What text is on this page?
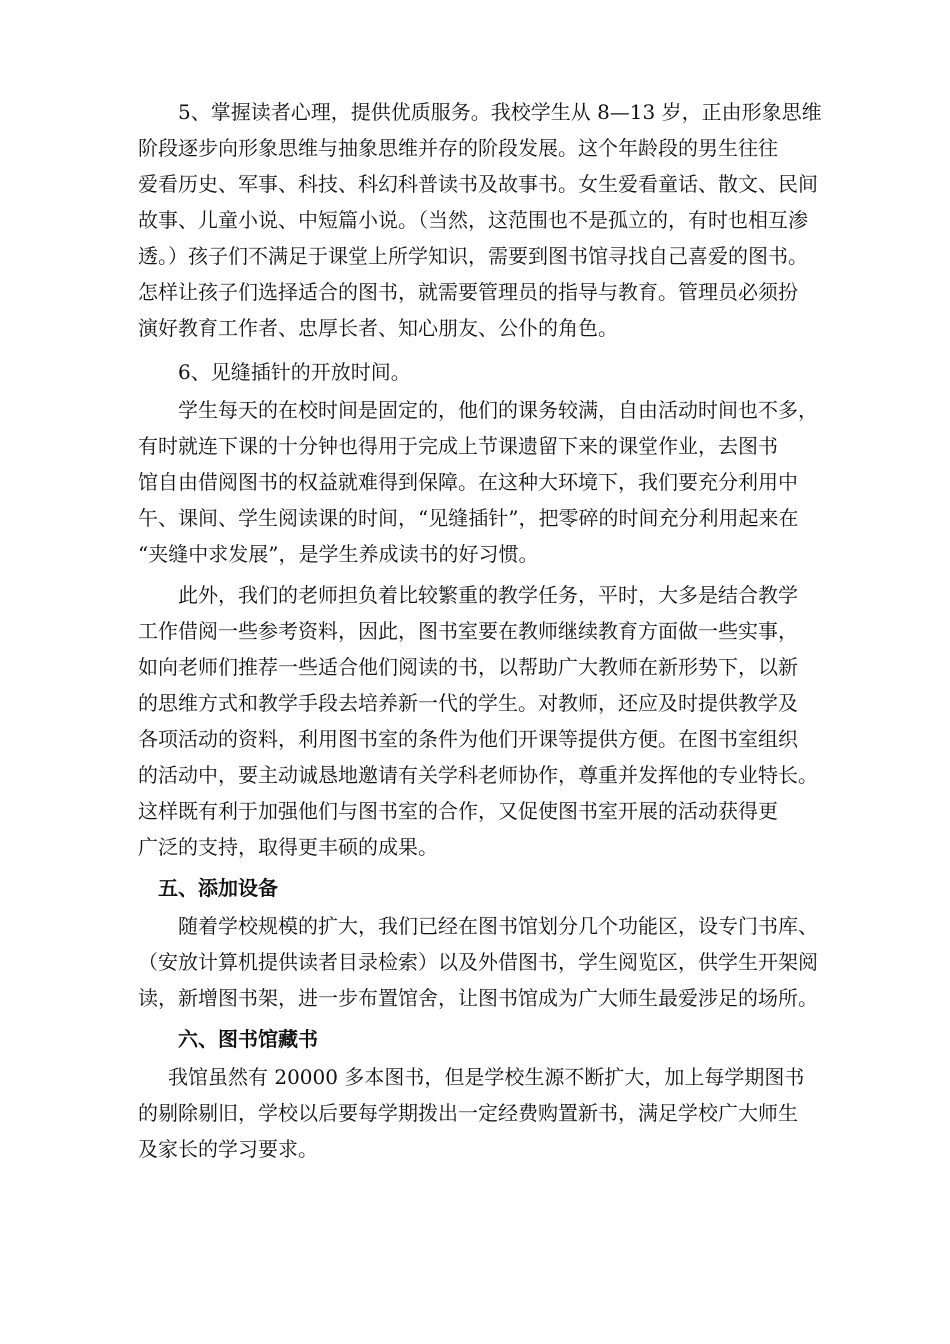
5、掌握读者心理，提供优质服务。我校学生从 8—13 岁，正由形象思维
阶段逐步向形象思维与抽象思维并存的阶段发展。这个年龄段的男生往往
爱看历史、军事、科技、科幻科普读书及故事书。女生爱看童话、散文、民间
故事、儿童小说、中短篇小说。（当然，这范围也不是孤立的，有时也相互渗
透。）孩子们不满足于课堂上所学知识，需要到图书馆寻找自己喜爱的图书。
怎样让孩子们选择适合的图书，就需要管理员的指导与教育。管理员必须扮
演好教育工作者、忠厚长者、知心朋友、公仆的角色。
6、见缝插针的开放时间。
学生每天的在校时间是固定的，他们的课务较满，自由活动时间也不多，
有时就连下课的十分钟也得用于完成上节课遗留下来的课堂作业，去图书
馆自由借阅图书的权益就难得到保障。在这种大环境下，我们要充分利用中
午、课间、学生阅读课的时间，“见缝插针”，把零碎的时间充分利用起来在
“夹缝中求发展”，是学生养成读书的好习惯。
此外，我们的老师担负着比较繁重的教学任务，平时，大多是结合教学
工作借阅一些参考资料，因此，图书室要在教师继续教育方面做一些实事，
如向老师们推荐一些适合他们阅读的书，以帮助广大教师在新形势下，以新
的思维方式和教学手段去培养新一代的学生。对教师，还应及时提供教学及
各项活动的资料，利用图书室的条件为他们开课等提供方便。在图书室组织
的活动中，要主动诚恳地邀请有关学科老师协作，尊重并发挥他的专业特长。
这样既有利于加强他们与图书室的合作，又促使图书室开展的活动获得更
广泛的支持，取得更丰硕的成果。
五、添加设备
随着学校规模的扩大，我们已经在图书馆划分几个功能区，设专门书库、
（安放计算机提供读者目录检索）以及外借图书，学生阅览区，供学生开架阅
读，新增图书架，进一步布置馆舍，让图书馆成为广大师生最爱涉足的场所。
六、图书馆藏书
我馆虽然有 20000 多本图书，但是学校生源不断扩大，加上每学期图书
的剔除剔旧，学校以后要每学期拨出一定经费购置新书，满足学校广大师生
及家长的学习要求。
